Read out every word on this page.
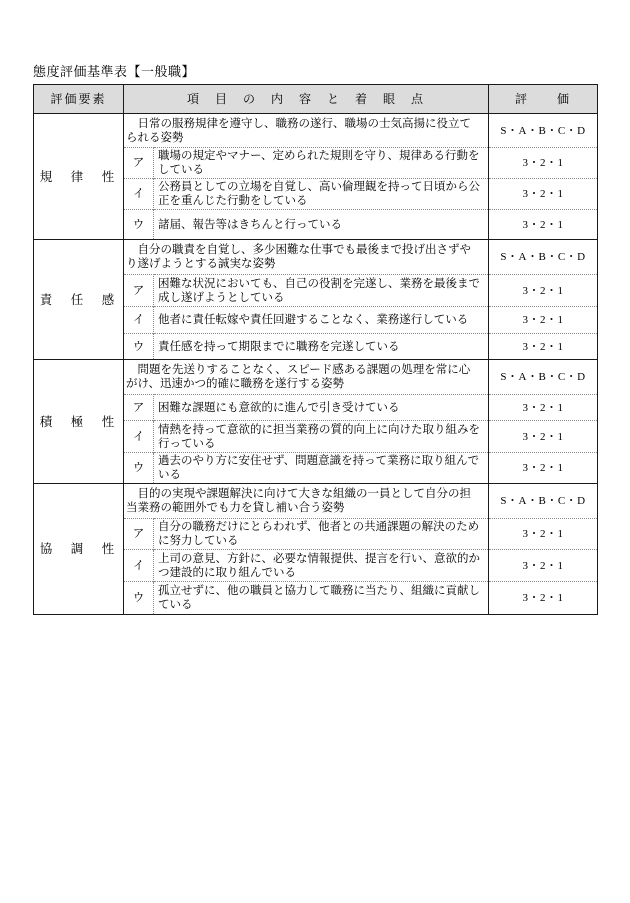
態度評価基準表【一般職】
評価要素	項　目　の　内　容　と　着　眼　点		評　　価
規　律　性	日常の服務規律を遵守し、職務の遂行、職場の士気高揚に役立てられる姿勢		S・A・B・C・D
	ア	職場の規定やマナー、定められた規則を守り、規律ある行動をしている	3・2・1
	イ	公務員としての立場を自覚し、高い倫理観を持って日頃から公正を重んじた行動をしている	3・2・1
	ウ	諸届、報告等はきちんと行っている	3・2・1
責　任　感	自分の職責を自覚し、多少困難な仕事でも最後まで投げ出さずやり遂げようとする誠実な姿勢		S・A・B・C・D
	ア	困難な状況においても、自己の役割を完遂し、業務を最後まで成し遂げようとしている	3・2・1
	イ	他者に責任転嫁や責任回避することなく、業務遂行している	3・2・1
	ウ	責任感を持って期限までに職務を完遂している	3・2・1
積　極　性	問題を先送りすることなく、スピード感ある課題の処理を常に心がけ、迅速かつ的確に職務を遂行する姿勢		S・A・B・C・D
	ア	困難な課題にも意欲的に進んで引き受けている	3・2・1
	イ	情熱を持って意欲的に担当業務の質的向上に向けた取り組みを行っている	3・2・1
	ウ	過去のやり方に安住せず、問題意識を持って業務に取り組んでいる	3・2・1
協　調　性	目的の実現や課題解決に向けて大きな組織の一員として自分の担当業務の範囲外でも力を貸し補い合う姿勢		S・A・B・C・D
	ア	自分の職務だけにとらわれず、他者との共通課題の解決のために努力している	3・2・1
	イ	上司の意見、方針に、必要な情報提供、提言を行い、意欲的かつ建設的に取り組んでいる	3・2・1
	ウ	孤立せずに、他の職員と協力して職務に当たり、組織に貢献している	3・2・1
